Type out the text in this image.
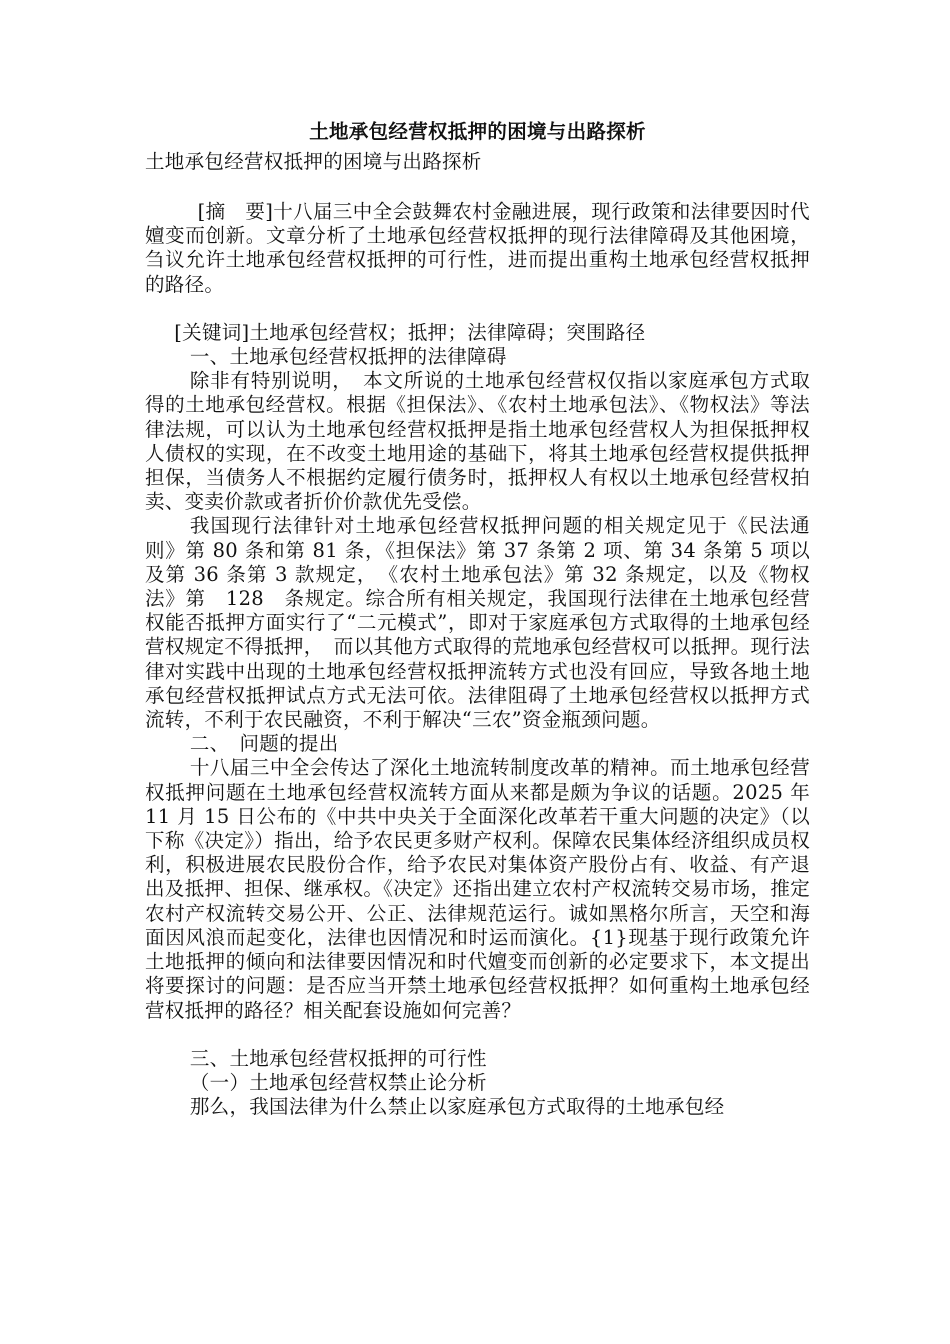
土地承包经营权抵押的困境与出路探析

土地承包经营权抵押的困境与出路探析

[摘　要]十八届三中全会鼓舞农村金融进展，现行政策和法律要因时代嬗变而创新。文章分析了土地承包经营权抵押的现行法律障碍及其他困境，刍议允许土地承包经营权抵押的可行性，进而提出重构土地承包经营权抵押的路径。

[关键词]土地承包经营权；抵押；法律障碍；突围路径

一、土地承包经营权抵押的法律障碍

除非有特别说明，　本文所说的土地承包经营权仅指以家庭承包方式取得的土地承包经营权。根据《担保法》、《农村土地承包法》、《物权法》等法律法规，可以认为土地承包经营权抵押是指土地承包经营权人为担保抵押权人债权的实现，在不改变土地用途的基础下，将其土地承包经营权提供抵押担保，当债务人不根据约定履行债务时，抵押权人有权以土地承包经营权拍卖、变卖价款或者折价价款优先受偿。

我国现行法律针对土地承包经营权抵押问题的相关规定见于《民法通则》第 80 条和第 81 条，《担保法》第 37 条第 2 项、第 34 条第 5 项以及第 36 条第 3 款规定，　《农村土地承包法》第 32 条规定，以及《物权法》第　128　条规定。综合所有相关规定，我国现行法律在土地承包经营权能否抵押方面实行了“二元模式”，即对于家庭承包方式取得的土地承包经营权规定不得抵押，　而以其他方式取得的荒地承包经营权可以抵押。现行法律对实践中出现的土地承包经营权抵押流转方式也没有回应，导致各地土地承包经营权抵押试点方式无法可依。法律阻碍了土地承包经营权以抵押方式流转，不利于农民融资，不利于解决“三农”资金瓶颈问题。

二、　问题的提出

十八届三中全会传达了深化土地流转制度改革的精神。而土地承包经营权抵押问题在土地承包经营权流转方面从来都是颇为争议的话题。2025 年 11 月 15 日公布的《中共中央关于全面深化改革若干重大问题的决定》（以下称《决定》）指出，给予农民更多财产权利。保障农民集体经济组织成员权利，积极进展农民股份合作，给予农民对集体资产股份占有、收益、有产退出及抵押、担保、继承权。《决定》还指出建立农村产权流转交易市场，推定农村产权流转交易公开、公正、法律规范运行。诚如黑格尔所言，天空和海面因风浪而起变化，法律也因情况和时运而演化。{1}现基于现行政策允许土地抵押的倾向和法律要因情况和时代嬗变而创新的必定要求下，本文提出将要探讨的问题：是否应当开禁土地承包经营权抵押？如何重构土地承包经营权抵押的路径？相关配套设施如何完善？

三、土地承包经营权抵押的可行性

（一）土地承包经营权禁止论分析

那么，我国法律为什么禁止以家庭承包方式取得的土地承包经
